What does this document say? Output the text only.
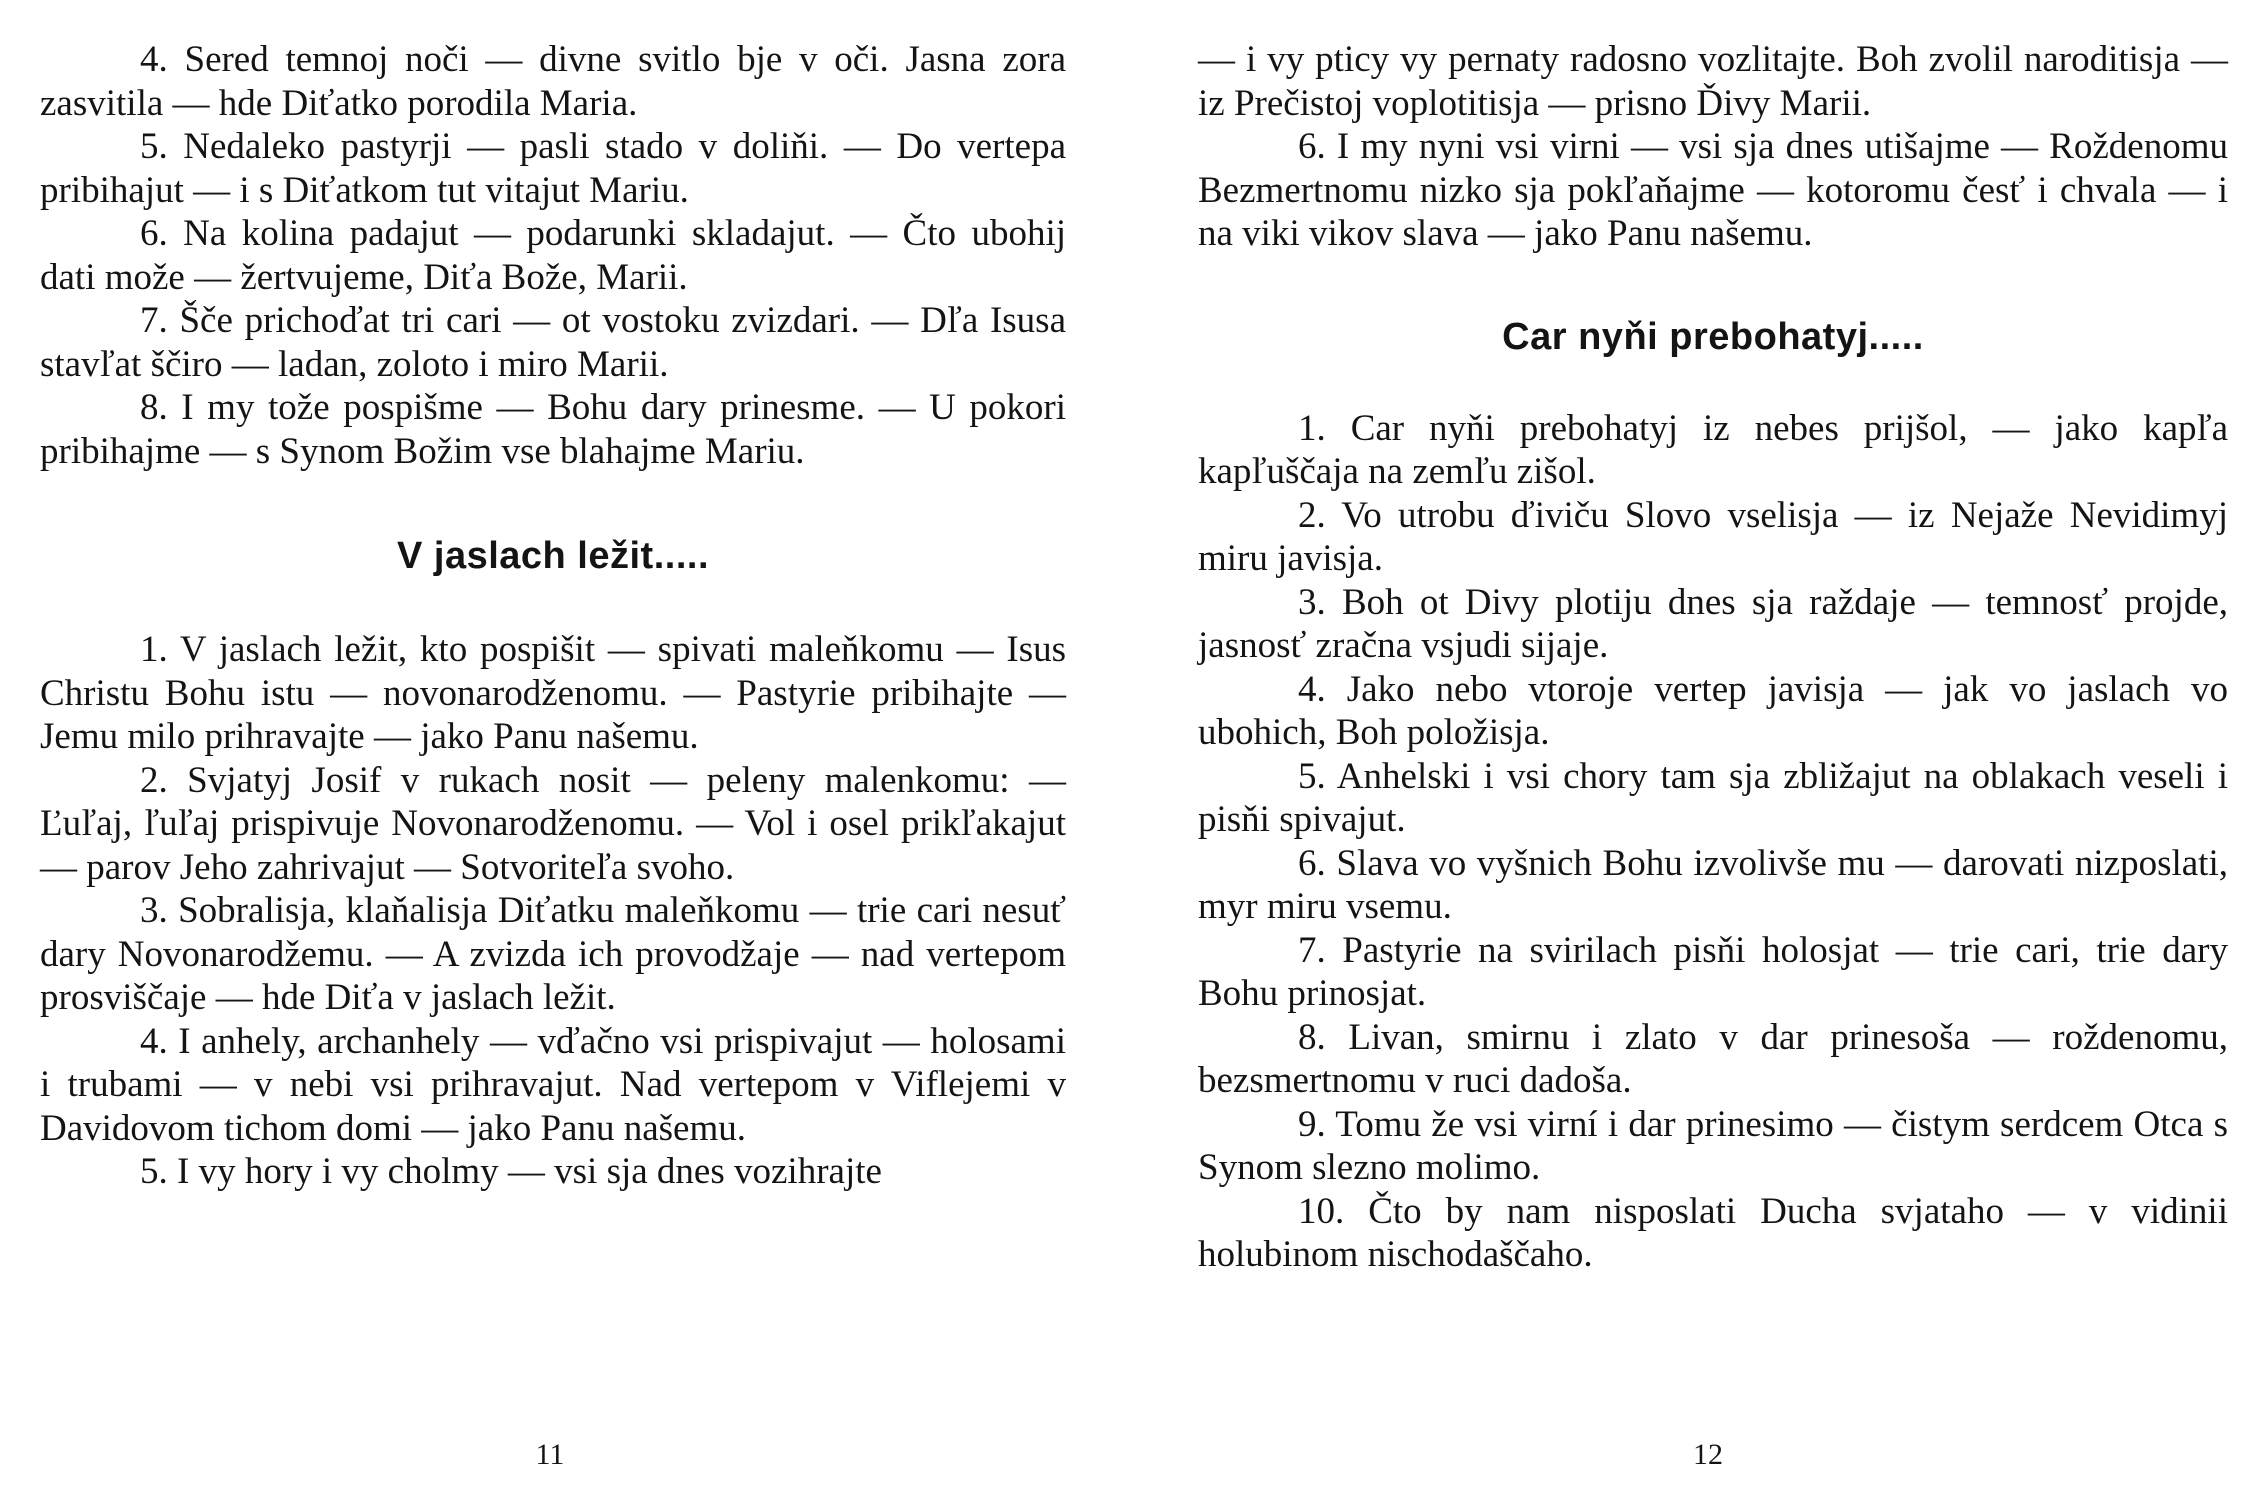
4. Sered temnoj noči — divne svitlo bje v oči. Jasna zora zasvitila — hde Diťatko porodila Maria.

5. Nedaleko pastyrji — pasli stado v doliňi. — Do vertepa pribihajut — i s Diťatkom tut vitajut Mariu.

6. Na kolina padajut — podarunki skladajut. — Čto ubohij dati može — žertvujeme, Diťa Bože, Marii.

7. Šče prichoďat tri cari — ot vostoku zvizdari. — Dľa Isusa stavľat ščiro — ladan, zoloto i miro Marii.

8. I my tože pospišme — Bohu dary prinesme. — U pokori pribihajme — s Synom Božim vse blahajme Mariu.

V jaslach ležit.....

1. V jaslach ležit, kto pospišit — spivati maleňkomu — Isus Christu Bohu istu — novonarodženomu. — Pastyrie pribihajte — Jemu milo prihravajte — jako Panu našemu.

2. Svjatyj Josif v rukach nosit — peleny malenkomu: — Ľuľaj, ľuľaj prispivuje Novonarodženomu. — Vol i osel prikľakajut — parov Jeho zahrivajut — Sotvoriteľa svoho.

3. Sobralisja, klaňalisja Diťatku maleňkomu — trie cari nesuť dary Novonarodžemu. — A zvizda ich provodžaje — nad vertepom prosviščaje — hde Diťa v jaslach ležit.

4. I anhely, archanhely — vďačno vsi prispivajut — holosami i trubami — v nebi vsi prihravajut. Nad vertepom v Viflejemi v Davidovom tichom domi — jako Panu našemu.

5. I vy hory i vy cholmy — vsi sja dnes vozihrajte

11

— i vy pticy vy pernaty radosno vozlitajte. Boh zvolil naroditisja — iz Prečistoj voplotitisja — prisno Ďivy Marii.

6. I my nyni vsi virni — vsi sja dnes utišajme — Roždenomu Bezmertnomu nizko sja pokľaňajme — kotoromu česť i chvala — i na viki vikov slava — jako Panu našemu.

Car nyňi prebohatyj.....

1. Car nyňi prebohatyj iz nebes prijšol, — jako kapľa kapľuščaja na zemľu zišol.

2. Vo utrobu ďiviču Slovo vselisja — iz Nejaže Nevidimyj miru javisja.

3. Boh ot Divy plotiju dnes sja raždaje — temnosť projde, jasnosť zračna vsjudi sijaje.

4. Jako nebo vtoroje vertep javisja — jak vo jaslach vo ubohich, Boh položisja.

5. Anhelski i vsi chory tam sja zbližajut na oblakach veseli i pisňi spivajut.

6. Slava vo vyšnich Bohu izvolivše mu — darovati nizposlati, myr miru vsemu.

7. Pastyrie na svirilach pisňi holosjat — trie cari, trie dary Bohu prinosjat.

8. Livan, smirnu i zlato v dar prinesoša — roždenomu, bezsmertnomu v ruci dadoša.

9. Tomu že vsi virní i dar prinesimo — čistym serdcem Otca s Synom slezno molimo.

10. Čto by nam nisposlati Ducha svjataho — v vidinii holubinom nischodaščaho.

12
